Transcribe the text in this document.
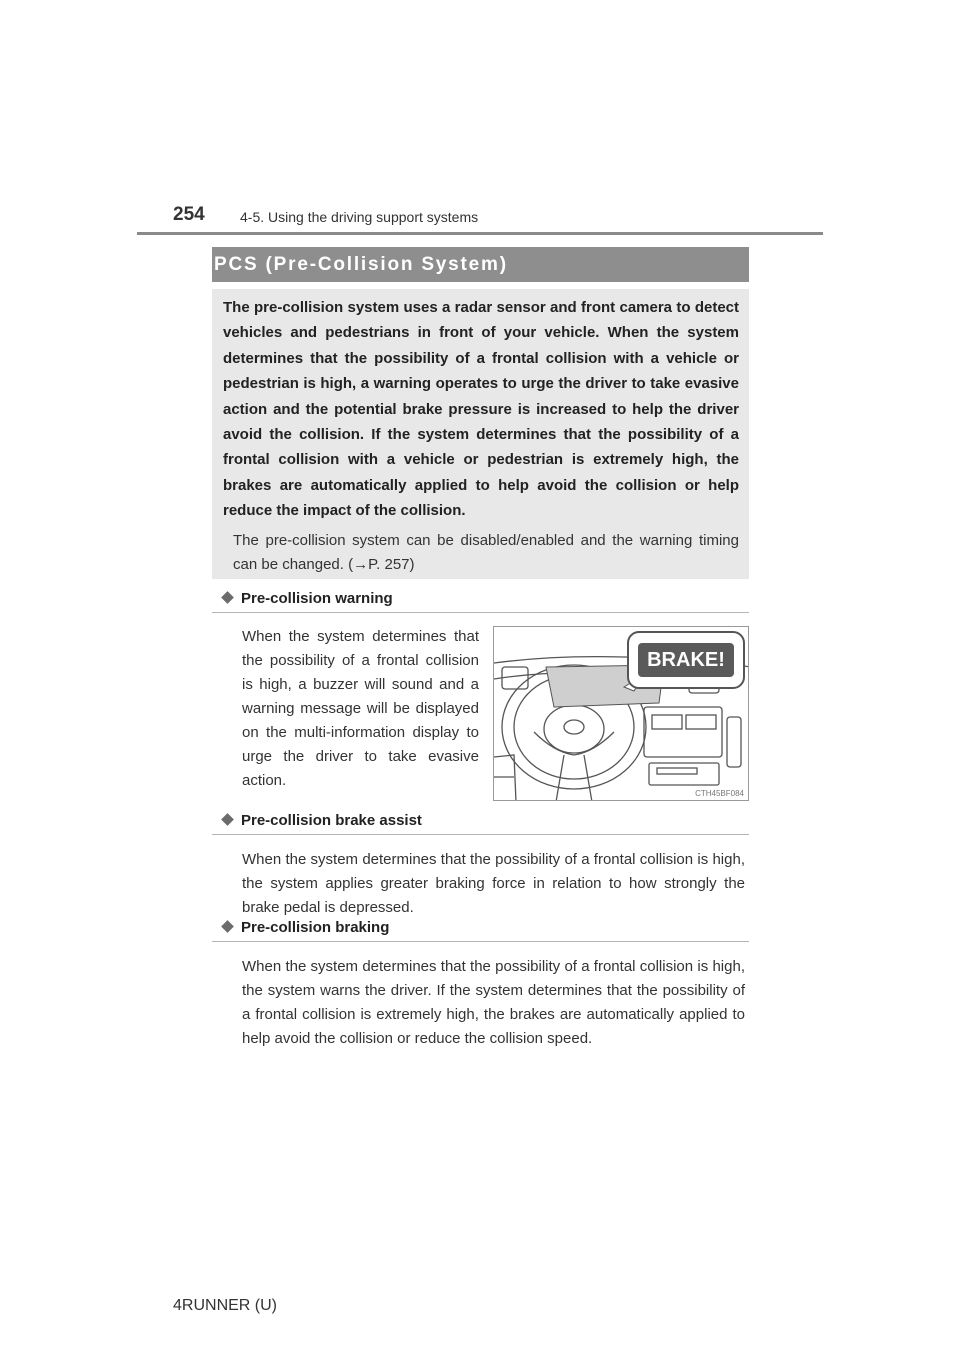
254	4-5. Using the driving support systems
PCS (Pre-Collision System)

The pre-collision system uses a radar sensor and front camera to detect vehicles and pedestrians in front of your vehicle. When the system determines that the possibility of a frontal collision with a vehicle or pedestrian is high, a warning operates to urge the driver to take evasive action and the potential brake pressure is increased to help the driver avoid the collision. If the system determines that the possibility of a frontal collision with a vehicle or pedestrian is extremely high, the brakes are automatically applied to help avoid the collision or help reduce the impact of the collision.

The pre-collision system can be disabled/enabled and the warning timing can be changed. (→P. 257)

Pre-collision warning

When the system determines that the possibility of a frontal collision is high, a buzzer will sound and a warning message will be displayed on the multi-information display to urge the driver to take evasive action.

BRAKE!
CTH45BF084
Pre-collision brake assist

When the system determines that the possibility of a frontal collision is high, the system applies greater braking force in relation to how strongly the brake pedal is depressed.

Pre-collision braking

When the system determines that the possibility of a frontal collision is high, the system warns the driver. If the system determines that the possibility of a frontal collision is extremely high, the brakes are automatically applied to help avoid the collision or reduce the collision speed.

4RUNNER (U)
